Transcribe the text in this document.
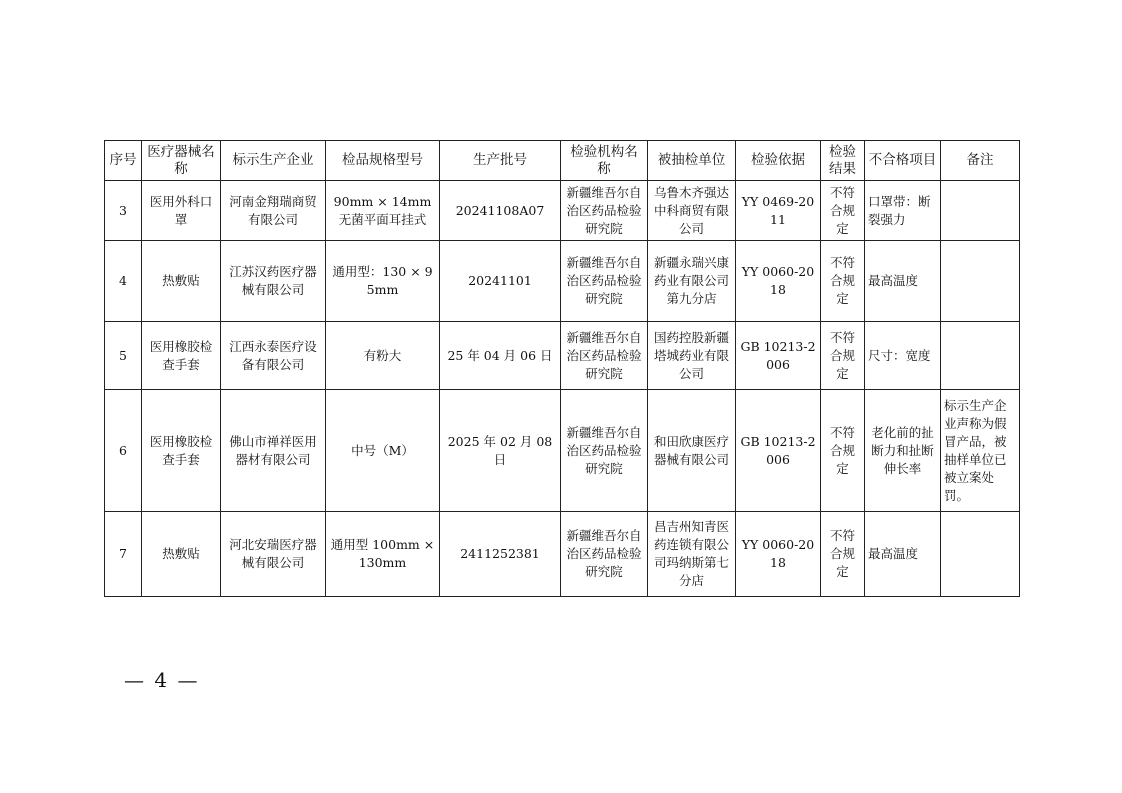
序号	医疗器械名称	标示生产企业	检品规格型号	生产批号	检验机构名称	被抽检单位	检验依据	检验结果	不合格项目	备注
3	医用外科口罩	河南金翔瑞商贸有限公司	90mm × 14mm 无菌平面耳挂式	20241108A07	新疆维吾尔自治区药品检验研究院	乌鲁木齐强达中科商贸有限公司	YY 0469-2011	不符合规定	口罩带：断裂强力	
4	热敷贴	江苏汉药医疗器械有限公司	通用型：130 × 95mm	20241101	新疆维吾尔自治区药品检验研究院	新疆永瑞兴康药业有限公司第九分店	YY 0060-2018	不符合规定	最高温度	
5	医用橡胶检查手套	江西永泰医疗设备有限公司	有粉大	25 年 04 月 06 日	新疆维吾尔自治区药品检验研究院	国药控股新疆塔城药业有限公司	GB 10213-2006	不符合规定	尺寸：宽度	
6	医用橡胶检查手套	佛山市禅祥医用器材有限公司	中号（M）	2025 年 02 月 08 日	新疆维吾尔自治区药品检验研究院	和田欣康医疗器械有限公司	GB 10213-2006	不符合规定	老化前的扯断力和扯断伸长率	标示生产企业声称为假冒产品，被抽样单位已被立案处罚。
7	热敷贴	河北安瑞医疗器械有限公司	通用型 100mm × 130mm	2411252381	新疆维吾尔自治区药品检验研究院	昌吉州知青医药连锁有限公司玛纳斯第七分店	YY 0060-2018	不符合规定	最高温度	
— 4 —
